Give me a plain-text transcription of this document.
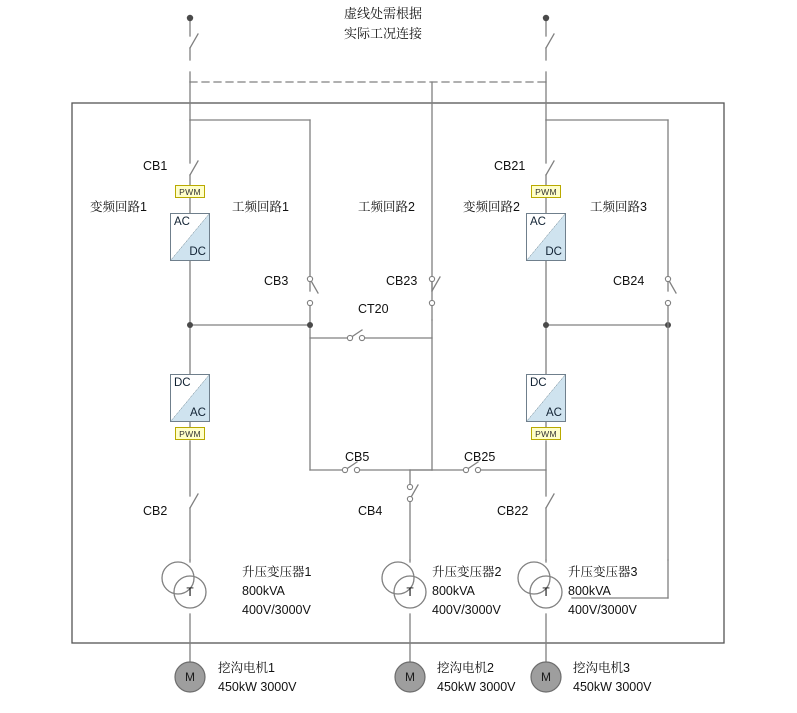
T	T	T
M	M	M
虚线处需根据
实际工况连接
AC
DC
PWM
DC
AC
PWM
AC
DC
PWM
DC
AC
PWM
CB1	CB21
CB3	CB23	CB24
CT20
CB5	CB25
CB2	CB4	CB22
变频回路1	工频回路1	工频回路2	变频回路2	工频回路3
升压变压器1
800kVA
400V/3000V
升压变压器2
800kVA
400V/3000V
升压变压器3
800kVA
400V/3000V
挖沟电机1
450kW 3000V
挖沟电机2
450kW 3000V
挖沟电机3
450kW 3000V
